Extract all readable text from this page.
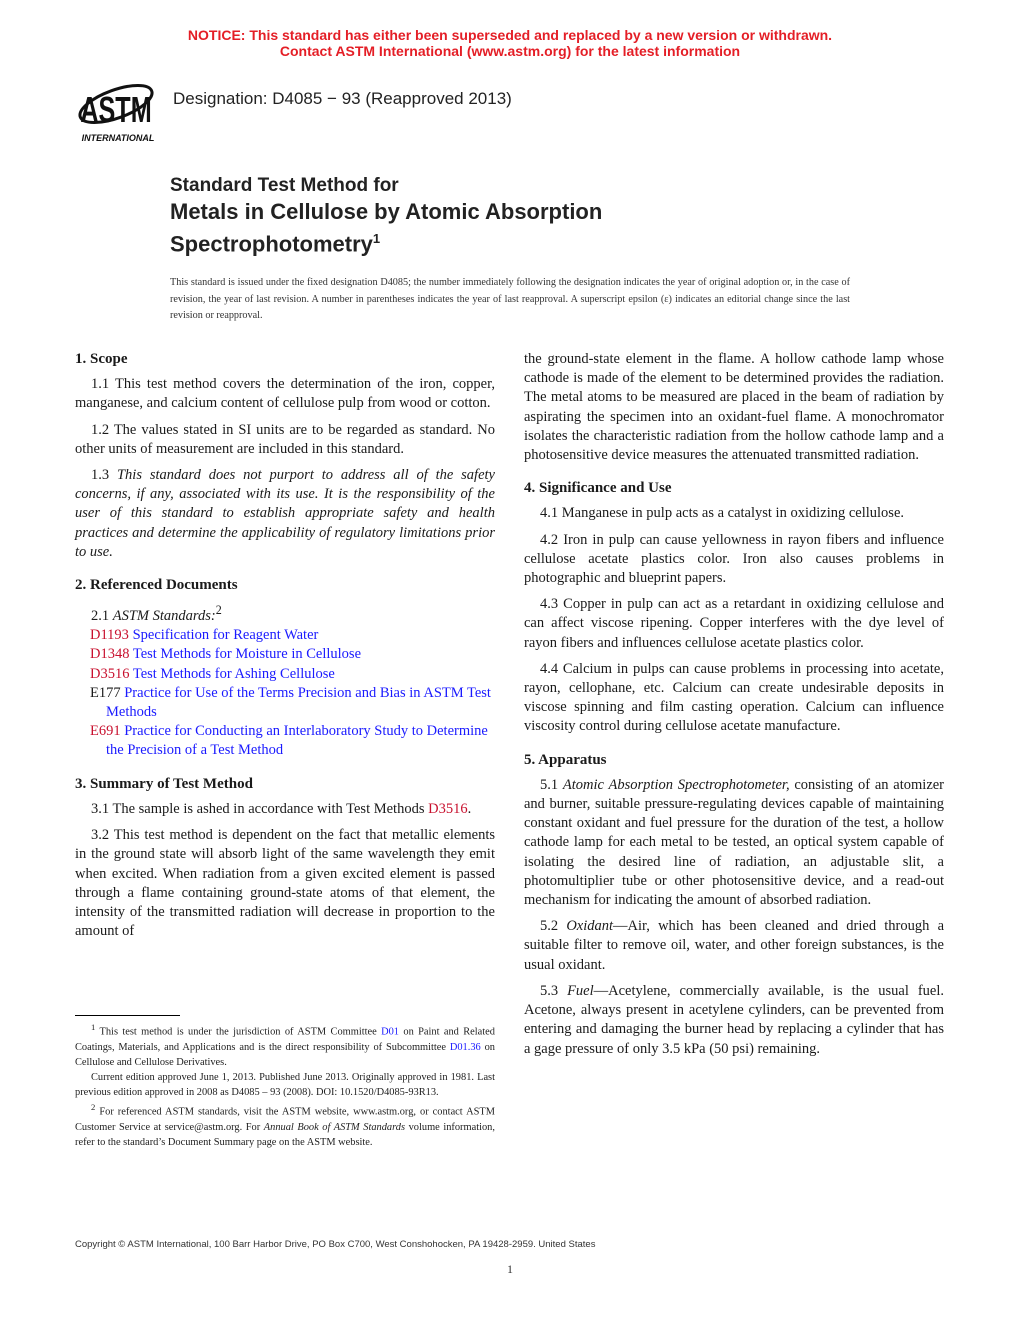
NOTICE: This standard has either been superseded and replaced by a new version or withdrawn.
Contact ASTM International (www.astm.org) for the latest information
ASTM
INTERNATIONAL
Designation: D4085 − 93 (Reapproved 2013)
Standard Test Method for
Metals in Cellulose by Atomic Absorption
Spectrophotometry$^1$
This standard is issued under the fixed designation D4085; the number immediately following the designation indicates the year of original adoption or, in the case of revision, the year of last revision. A number in parentheses indicates the year of last reapproval. A superscript epsilon (ε) indicates an editorial change since the last revision or reapproval.
1. Scope

1.1 This test method covers the determination of the iron, copper, manganese, and calcium content of cellulose pulp from wood or cotton.

1.2 The values stated in SI units are to be regarded as standard. No other units of measurement are included in this standard.

1.3 This standard does not purport to address all of the safety concerns, if any, associated with its use. It is the responsibility of the user of this standard to establish appropriate safety and health practices and determine the applicability of regulatory limitations prior to use.

2. Referenced Documents

2.1 ASTM Standards:$^2$

D1193 Specification for Reagent Water
D1348 Test Methods for Moisture in Cellulose
D3516 Test Methods for Ashing Cellulose
E177 Practice for Use of the Terms Precision and Bias in ASTM Test Methods
E691 Practice for Conducting an Interlaboratory Study to Determine the Precision of a Test Method
3. Summary of Test Method

3.1 The sample is ashed in accordance with Test Methods D3516.

3.2 This test method is dependent on the fact that metallic elements in the ground state will absorb light of the same wavelength they emit when excited. When radiation from a given excited element is passed through a flame containing ground-state atoms of that element, the intensity of the transmitted radiation will decrease in proportion to the amount of

$^1$ This test method is under the jurisdiction of ASTM Committee D01 on Paint and Related Coatings, Materials, and Applications and is the direct responsibility of Subcommittee D01.36 on Cellulose and Cellulose Derivatives.

Current edition approved June 1, 2013. Published June 2013. Originally approved in 1981. Last previous edition approved in 2008 as D4085 – 93 (2008). DOI: 10.1520/D4085-93R13.

$^2$ For referenced ASTM standards, visit the ASTM website, www.astm.org, or contact ASTM Customer Service at service@astm.org. For Annual Book of ASTM Standards volume information, refer to the standard’s Document Summary page on the ASTM website.

the ground-state element in the flame. A hollow cathode lamp whose cathode is made of the element to be determined provides the radiation. The metal atoms to be measured are placed in the beam of radiation by aspirating the specimen into an oxidant-fuel flame. A monochromator isolates the characteristic radiation from the hollow cathode lamp and a photosensitive device measures the attenuated transmitted radiation.

4. Significance and Use

4.1 Manganese in pulp acts as a catalyst in oxidizing cellulose.

4.2 Iron in pulp can cause yellowness in rayon fibers and influence cellulose acetate plastics color. Iron also causes problems in photographic and blueprint papers.

4.3 Copper in pulp can act as a retardant in oxidizing cellulose and can affect viscose ripening. Copper interferes with the dye level of rayon fibers and influences cellulose acetate plastics color.

4.4 Calcium in pulps can cause problems in processing into acetate, rayon, cellophane, etc. Calcium can create undesirable deposits in viscose spinning and film casting operation. Calcium can influence viscosity control during cellulose acetate manufacture.

5. Apparatus

5.1 Atomic Absorption Spectrophotometer, consisting of an atomizer and burner, suitable pressure-regulating devices capable of maintaining constant oxidant and fuel pressure for the duration of the test, a hollow cathode lamp for each metal to be tested, an optical system capable of isolating the desired line of radiation, an adjustable slit, a photomultiplier tube or other photosensitive device, and a read-out mechanism for indicating the amount of absorbed radiation.

5.2 Oxidant—Air, which has been cleaned and dried through a suitable filter to remove oil, water, and other foreign substances, is the usual oxidant.

5.3 Fuel—Acetylene, commercially available, is the usual fuel. Acetone, always present in acetylene cylinders, can be prevented from entering and damaging the burner head by replacing a cylinder that has a gage pressure of only 3.5 kPa (50 psi) remaining.

Copyright © ASTM International, 100 Barr Harbor Drive, PO Box C700, West Conshohocken, PA 19428-2959. United States
1
